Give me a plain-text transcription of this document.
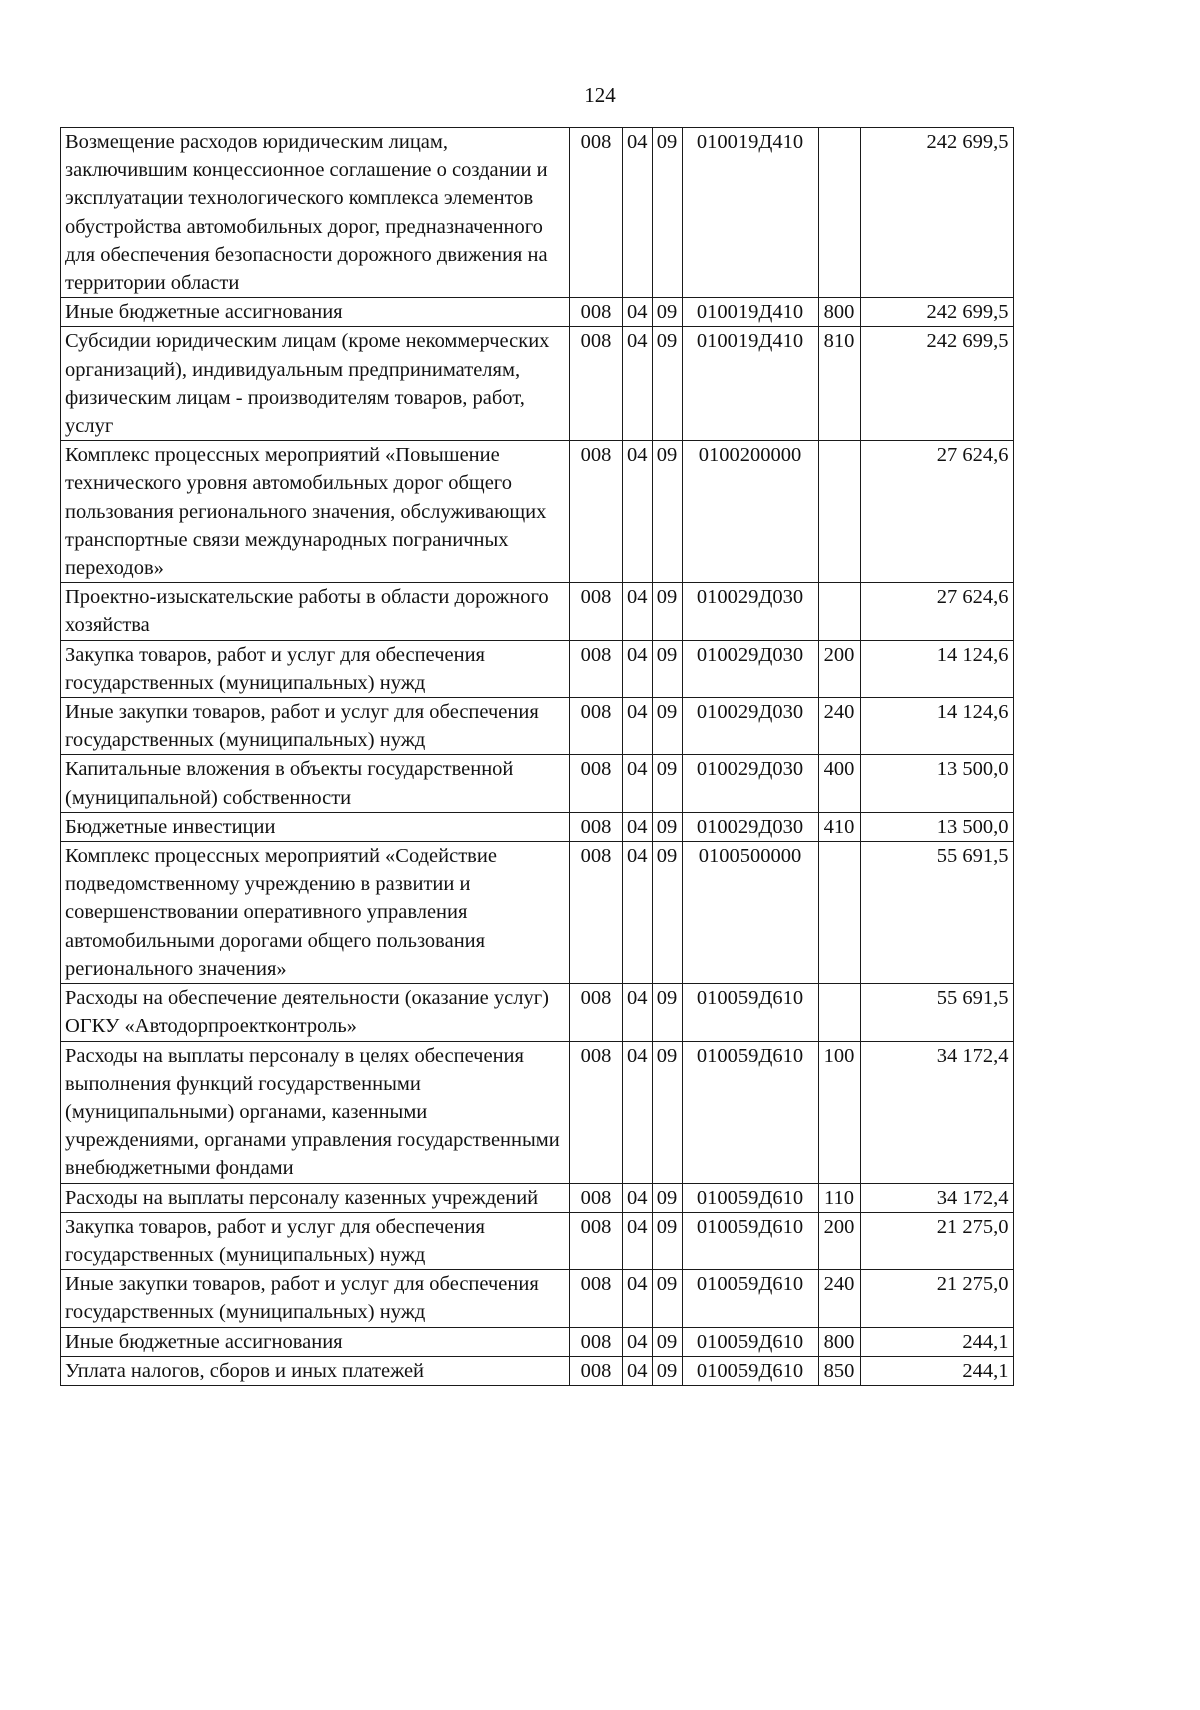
124
Возмещение расходов юридическим лицам, заключившим концессионное соглашение о создании и эксплуатации технологического комплекса элементов обустройства автомобильных дорог, предназначенного для обеспечения безопасности дорожного движения на территории области	008	04	09	010019Д410		242 699,5
Иные бюджетные ассигнования	008	04	09	010019Д410	800	242 699,5
Субсидии юридическим лицам (кроме некоммерческих организаций), индивидуальным предпринимателям, физическим лицам - производителям товаров, работ, услуг	008	04	09	010019Д410	810	242 699,5
Комплекс процессных мероприятий «Повышение технического уровня автомобильных дорог общего пользования регионального значения, обслуживающих транспортные связи международных пограничных переходов»	008	04	09	0100200000		27 624,6
Проектно-изыскательские работы в области дорожного хозяйства	008	04	09	010029Д030		27 624,6
Закупка товаров, работ и услуг для обеспечения государственных (муниципальных) нужд	008	04	09	010029Д030	200	14 124,6
Иные закупки товаров, работ и услуг для обеспечения государственных (муниципальных) нужд	008	04	09	010029Д030	240	14 124,6
Капитальные вложения в объекты государственной (муниципальной) собственности	008	04	09	010029Д030	400	13 500,0
Бюджетные инвестиции	008	04	09	010029Д030	410	13 500,0
Комплекс процессных мероприятий «Содействие подведомственному учреждению в развитии и совершенствовании оперативного управления автомобильными дорогами общего пользования регионального значения»	008	04	09	0100500000		55 691,5
Расходы на обеспечение деятельности (оказание услуг) ОГКУ «Автодорпроектконтроль»	008	04	09	010059Д610		55 691,5
Расходы на выплаты персоналу в целях обеспечения выполнения функций государственными (муниципальными) органами, казенными учреждениями, органами управления государственными внебюджетными фондами	008	04	09	010059Д610	100	34 172,4
Расходы на выплаты персоналу казенных учреждений	008	04	09	010059Д610	110	34 172,4
Закупка товаров, работ и услуг для обеспечения государственных (муниципальных) нужд	008	04	09	010059Д610	200	21 275,0
Иные закупки товаров, работ и услуг для обеспечения государственных (муниципальных) нужд	008	04	09	010059Д610	240	21 275,0
Иные бюджетные ассигнования	008	04	09	010059Д610	800	244,1
Уплата налогов, сборов и иных платежей	008	04	09	010059Д610	850	244,1
